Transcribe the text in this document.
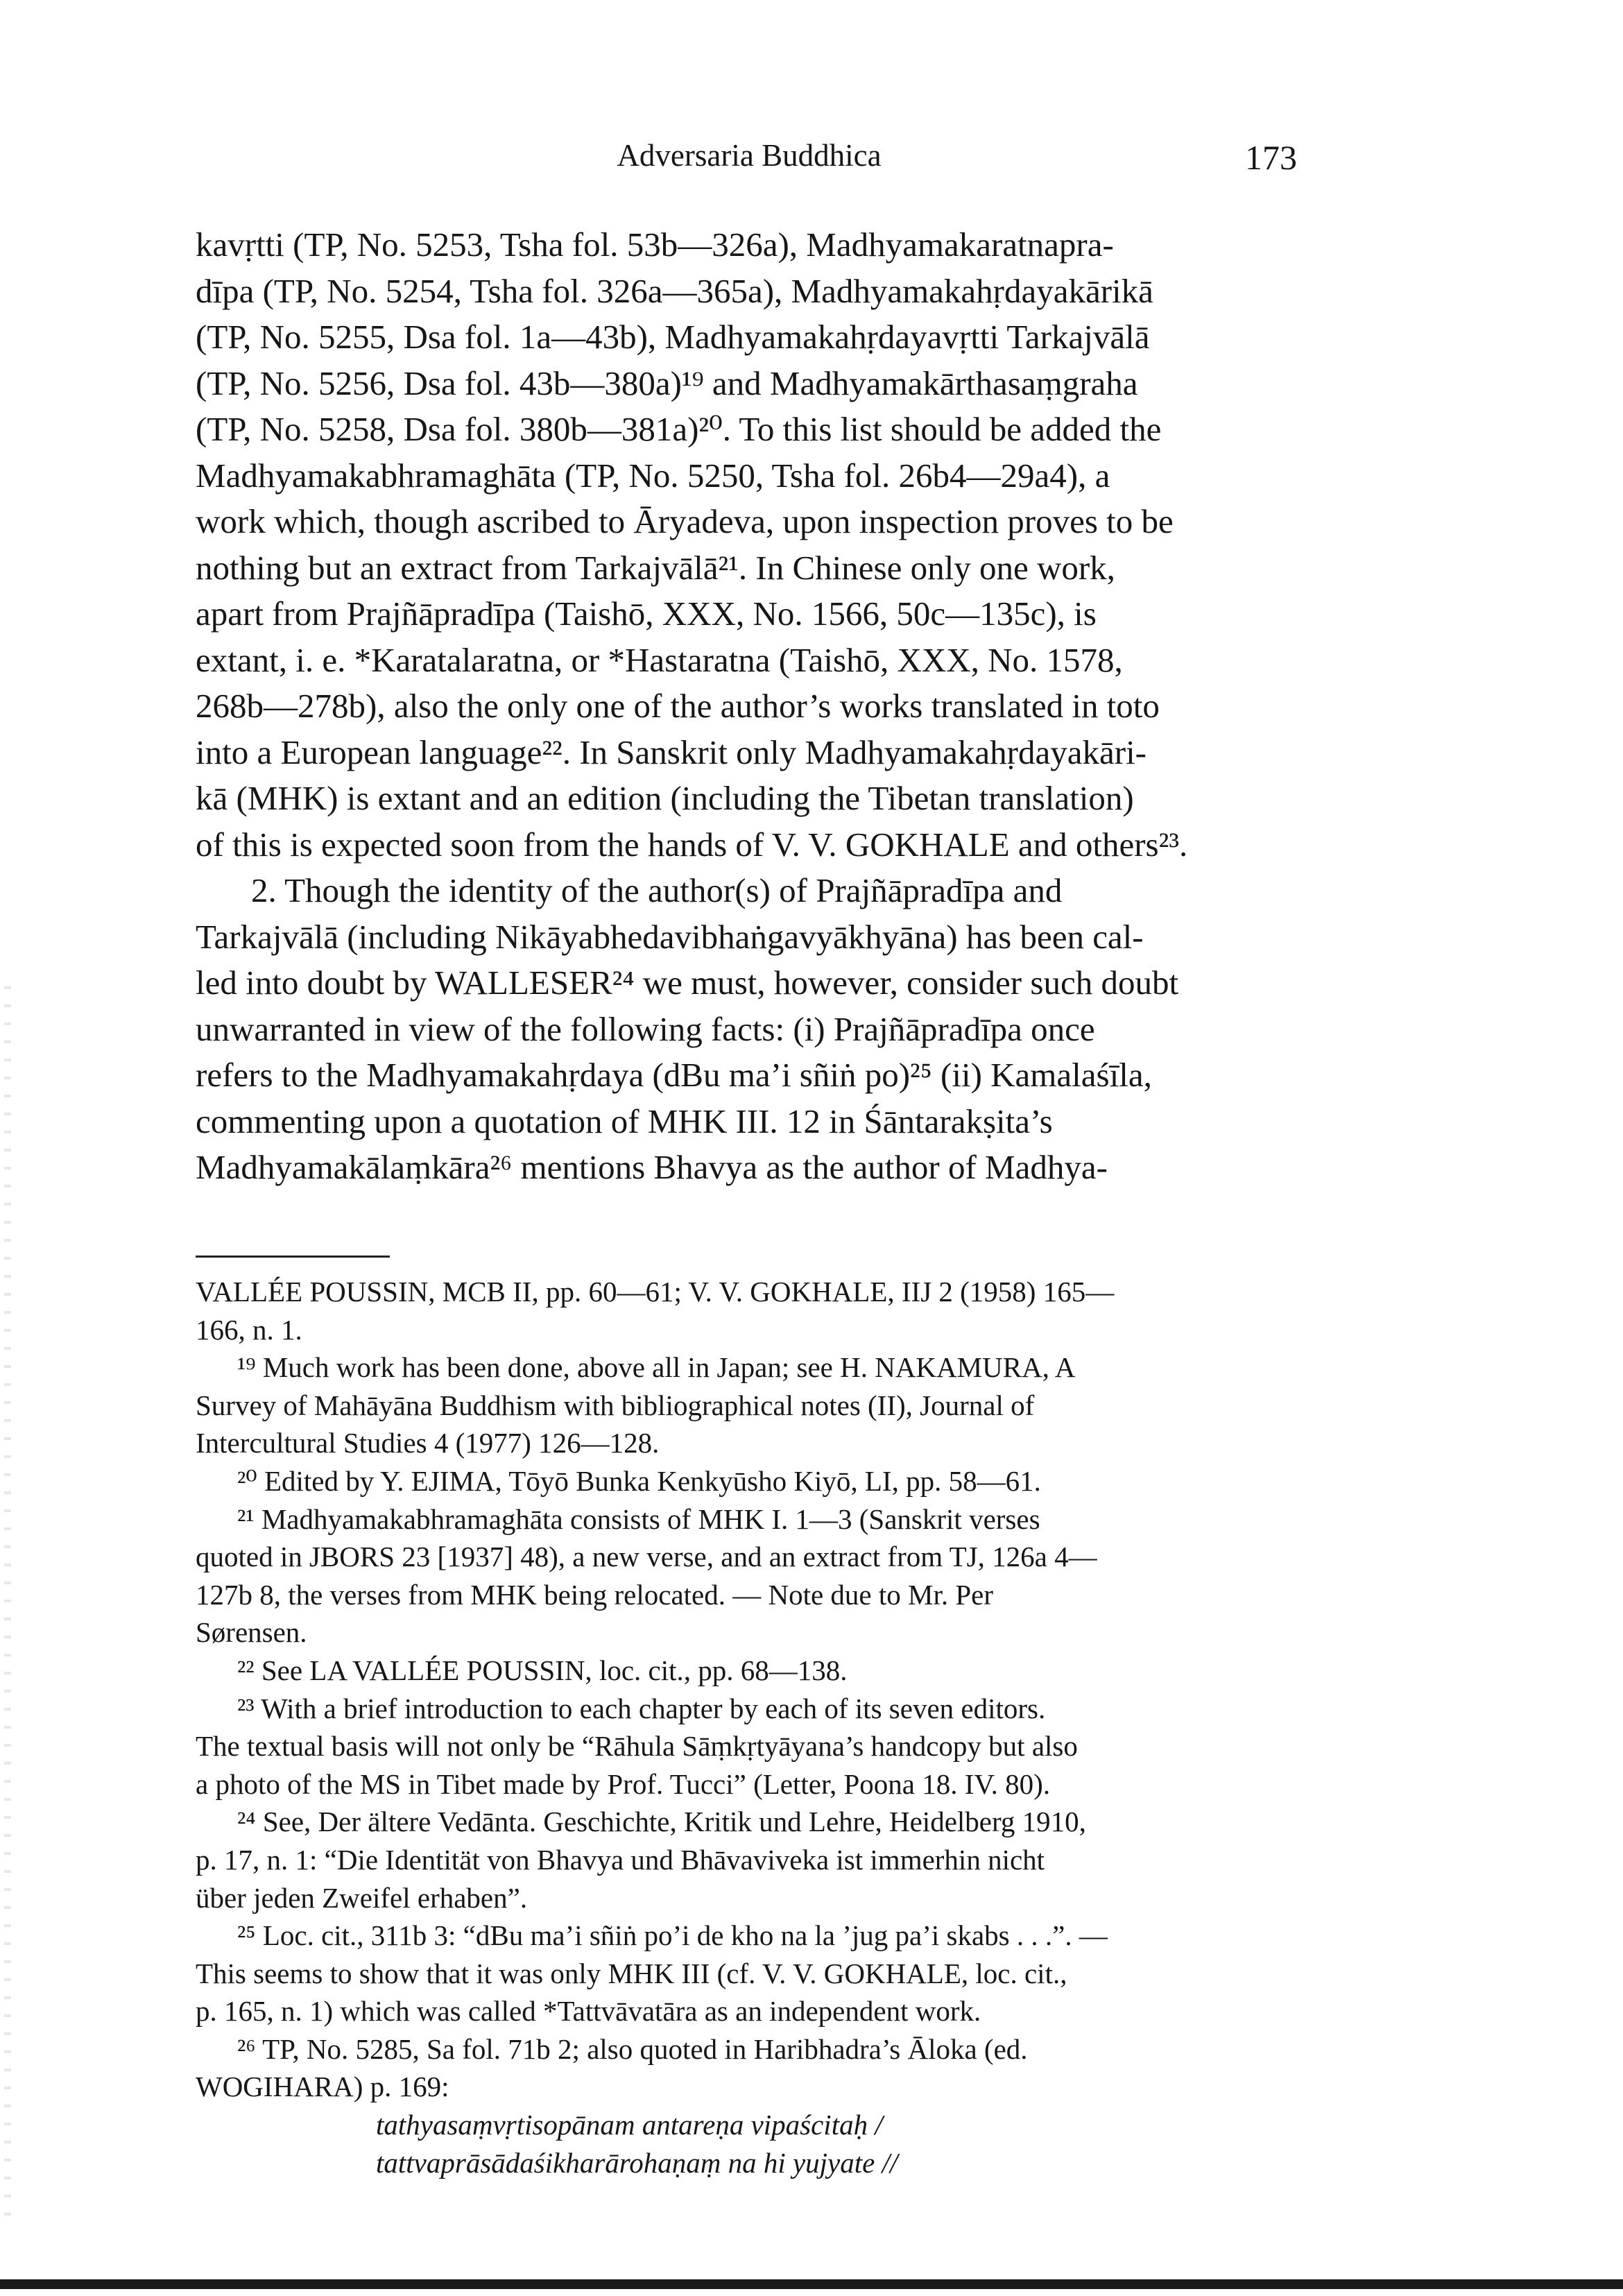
Adversaria Buddhica	173
kavṛtti (TP, No. 5253, Tsha fol. 53b—326a), Madhyamakaratnapra-
dīpa (TP, No. 5254, Tsha fol. 326a—365a), Madhyamakahṛdayakārikā
(TP, No. 5255, Dsa fol. 1a—43b), Madhyamakahṛdayavṛtti Tarkajvālā
(TP, No. 5256, Dsa fol. 43b—380a)¹⁹ and Madhyamakārthasaṃgraha
(TP, No. 5258, Dsa fol. 380b—381a)²⁰. To this list should be added the
Madhyamakabhramaghāta (TP, No. 5250, Tsha fol. 26b4—29a4), a
work which, though ascribed to Āryadeva, upon inspection proves to be
nothing but an extract from Tarkajvālā²¹. In Chinese only one work,
apart from Prajñāpradīpa (Taishō, XXX, No. 1566, 50c—135c), is
extant, i. e. *Karatalaratna, or *Hastaratna (Taishō, XXX, No. 1578,
268b—278b), also the only one of the author’s works translated in toto
into a European language²². In Sanskrit only Madhyamakahṛdayakāri-
kā (MHK) is extant and an edition (including the Tibetan translation)
of this is expected soon from the hands of V. V. GOKHALE and others²³.
2. Though the identity of the author(s) of Prajñāpradīpa and
Tarkajvālā (including Nikāyabhedavibhaṅgavyākhyāna) has been cal-
led into doubt by WALLESER²⁴ we must, however, consider such doubt
unwarranted in view of the following facts: (i) Prajñāpradīpa once
refers to the Madhyamakahṛdaya (dBu ma’i sñiṅ po)²⁵ (ii) Kamalaśīla,
commenting upon a quotation of MHK III. 12 in Śāntarakṣita’s
Madhyamakālaṃkāra²⁶ mentions Bhavya as the author of Madhya-
VALLÉE POUSSIN, MCB II, pp. 60—61; V. V. GOKHALE, IIJ 2 (1958) 165—
166, n. 1.
¹⁹ Much work has been done, above all in Japan; see H. NAKAMURA, A
Survey of Mahāyāna Buddhism with bibliographical notes (II), Journal of
Intercultural Studies 4 (1977) 126—128.
²⁰ Edited by Y. EJIMA, Tōyō Bunka Kenkyūsho Kiyō, LI, pp. 58—61.
²¹ Madhyamakabhramaghāta consists of MHK I. 1—3 (Sanskrit verses
quoted in JBORS 23 [1937] 48), a new verse, and an extract from TJ, 126a 4—
127b 8, the verses from MHK being relocated. — Note due to Mr. Per
Sørensen.
²² See LA VALLÉE POUSSIN, loc. cit., pp. 68—138.
²³ With a brief introduction to each chapter by each of its seven editors.
The textual basis will not only be “Rāhula Sāṃkṛtyāyana’s handcopy but also
a photo of the MS in Tibet made by Prof. Tucci” (Letter, Poona 18. IV. 80).
²⁴ See, Der ältere Vedānta. Geschichte, Kritik und Lehre, Heidelberg 1910,
p. 17, n. 1: “Die Identität von Bhavya und Bhāvaviveka ist immerhin nicht
über jeden Zweifel erhaben”.
²⁵ Loc. cit., 311b 3: “dBu ma’i sñiṅ po’i de kho na la ’jug pa’i skabs . . .”. —
This seems to show that it was only MHK III (cf. V. V. GOKHALE, loc. cit.,
p. 165, n. 1) which was called *Tattvāvatāra as an independent work.
²⁶ TP, No. 5285, Sa fol. 71b 2; also quoted in Haribhadra’s Āloka (ed.
WOGIHARA) p. 169:
tathyasaṃvṛtisopānam antareṇa vipaścitaḥ /
tattvaprāsādaśikharārohaṇaṃ na hi yujyate //
